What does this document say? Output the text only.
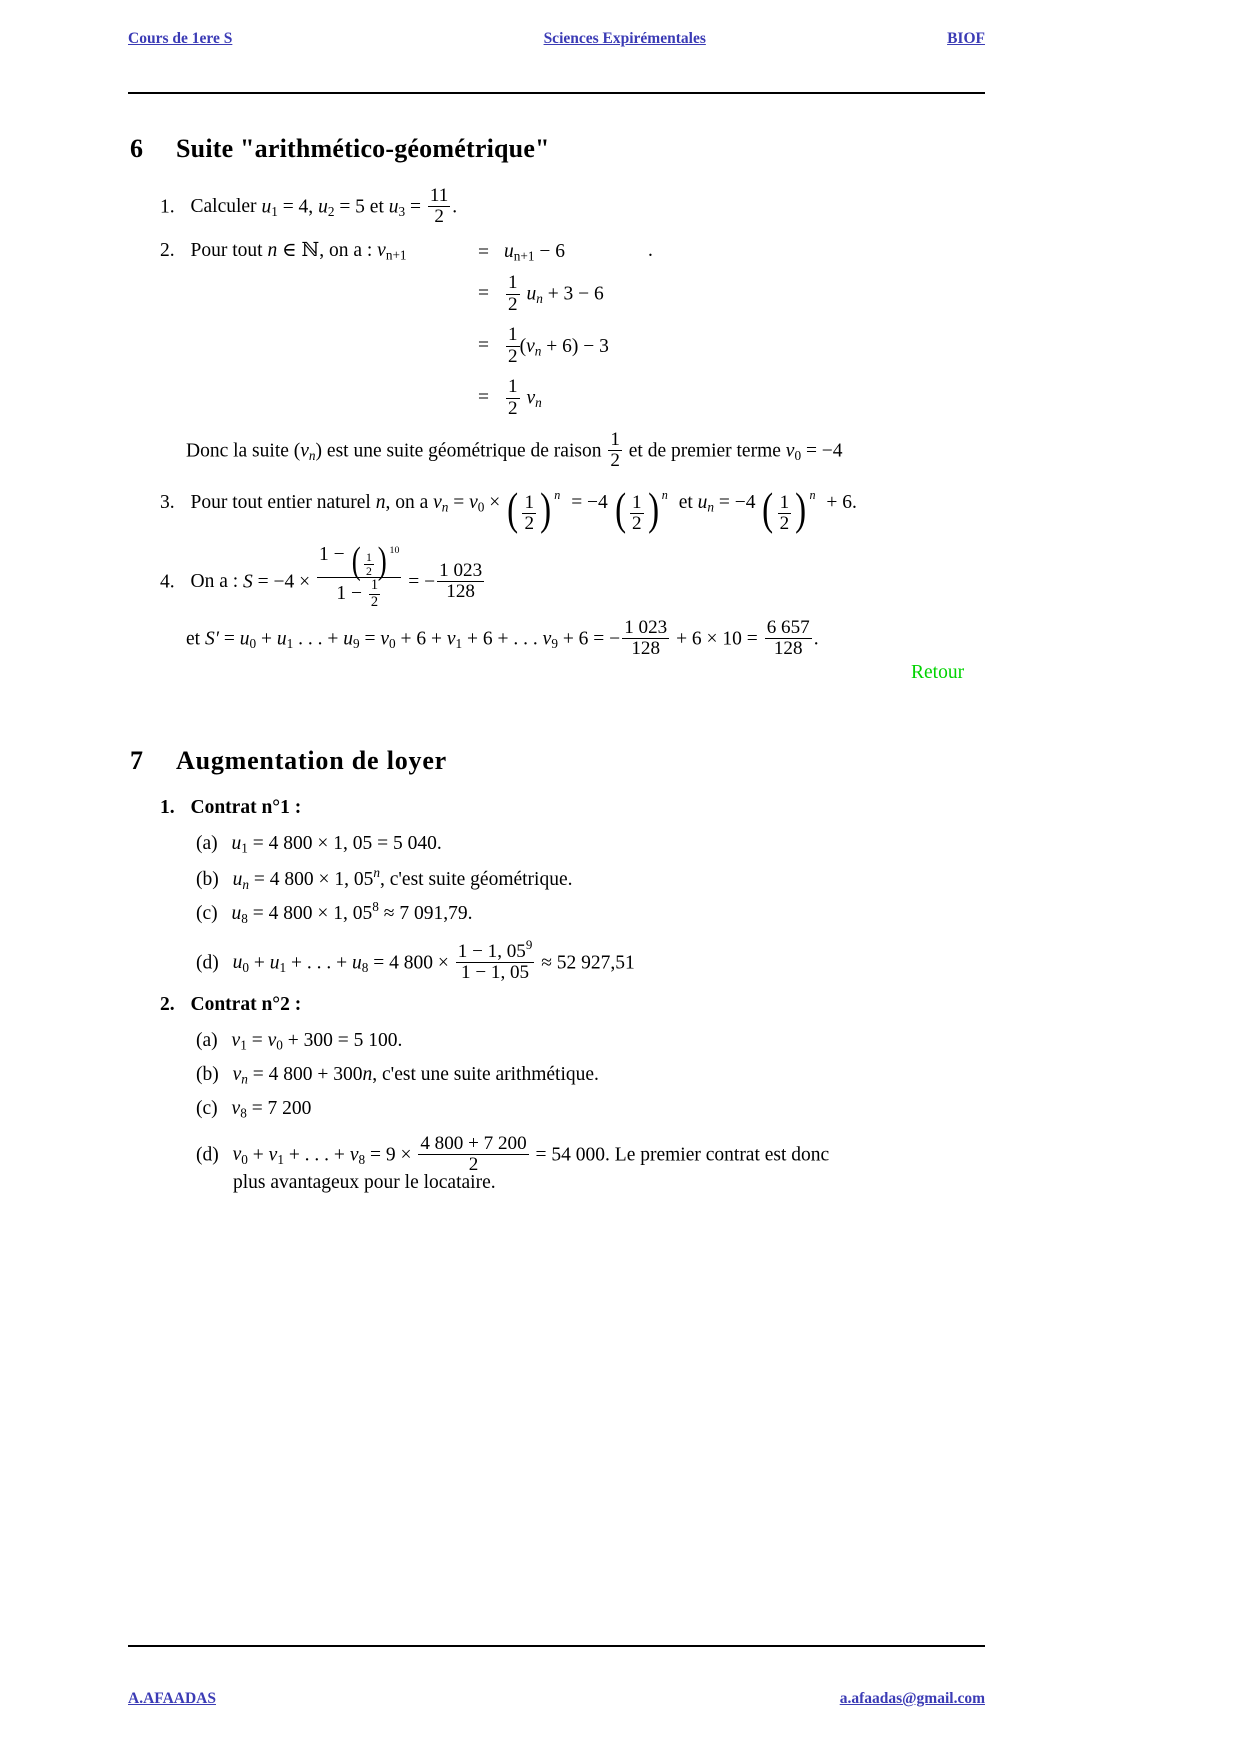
Cours de 1ere S	Sciences Expirémentales	BIOF
6	Suite "arithmético-géométrique"
1. Calculer $u_1 = 4$, $u_2 = 5$ et $u_3 = \frac{11}{2}$ .
2. Pour tout n ∈ ℕ, on a : $v_{n+1}$	.
= $u_{n+1} - 6$
= $\frac{1}{2} u_n + 3 - 6$
= $\frac{1}{2} (v_n + 6) - 3$
= $\frac{1}{2} v_n$
Donc la suite $(v_n)$ est une suite géométrique de raison $\frac{1}{2}$ et de premier terme $v_0 = -4$
3. Pour tout entier naturel n, on a $v_n = v_0$ × ( $\frac{1}{2}$ ) $^n$ = −4 ( $\frac{1}{2}$ ) $^n$ et $u_n = -4$ ( $\frac{1}{2}$ ) $^n$ + 6.
4. On a : $S = -4 \times \frac{1 - ( \frac{1}{2} ) ^{10}}{1 - \frac{1}{2}}$ = − $\frac{1 023}{128}$
et $S' = u_0 + u_1$ . . . + $u_9 = v_0 + 6 + v_1 + 6$ + . . . $v_9 + 6$ = − $\frac{1 023}{128} + 6 \times 10 = \frac{6 657}{128}$ .
Retour
7	Augmentation de loyer
1. Contrat n°1 :
(a) $u_1 = 4$ 800 × 1, 05 = 5 040.
(b) $u_n = 4$ 800 × 1, 05$^n$, c'est suite géométrique.
(c) $u_8 = 4$ 800 × 1, $05^8 \approx 7$ 091,79.
(d) $u_0 + u_1$ + . . . + $u_8 = 4$ $800 \times \frac{1 - 1, 05^9}{1 - 1, 05} \approx 52$ 927,51
2. Contrat n°2 :
(a) $v_1 = v_0 + 300 = 5$ 100.
(b) $v_n = 4$ 800 + 300n, c'est une suite arithmétique.
(c) $v_8 = 7$ 200
(d) $v_0 + v_1$ + . . . + $v_8 = 9 \times \frac{4 800 + 7 200}{2} = 54$ 000. Le premier contrat est donc
plus avantageux pour le locataire.
A.AFAADAS	a.afaadas@gmail.com
